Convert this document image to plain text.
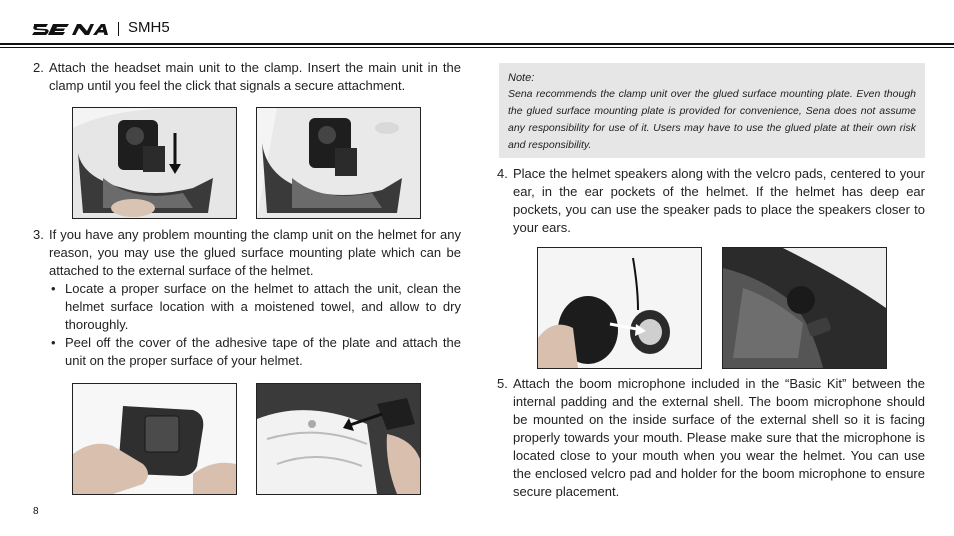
SMH5

2. Attach the headset main unit to the clamp. Insert the main unit in the clamp until you feel the click that signals a secure attachment.

3. If you have any problem mounting the clamp unit on the helmet for any reason, you may use the glued surface mounting plate which can be attached to the external surface of the helmet.

• Locate a proper surface on the helmet to attach the unit, clean the helmet surface location with a moistened towel, and allow to dry thoroughly.

• Peel off the cover of the adhesive tape of the plate and attach the unit on the proper surface of your helmet.

Note:
Sena recommends the clamp unit over the glued surface mounting plate. Even though the glued surface mounting plate is provided for convenience, Sena does not assume any responsibility for use of it. Users may have to use the glued plate at their own risk and responsibility.

4. Place the helmet speakers along with the velcro pads, centered to your ear, in the ear pockets of the helmet. If the helmet has deep ear pockets, you can use the speaker pads to place the speakers closer to your ears.

5. Attach the boom microphone included in the “Basic Kit” between the internal padding and the external shell. The boom microphone should be mounted on the inside surface of the external shell so it is facing properly towards your mouth. Please make sure that the microphone is located close to your mouth when you wear the helmet. You can use the enclosed velcro pad and holder for the boom microphone to ensure secure placement.

8
